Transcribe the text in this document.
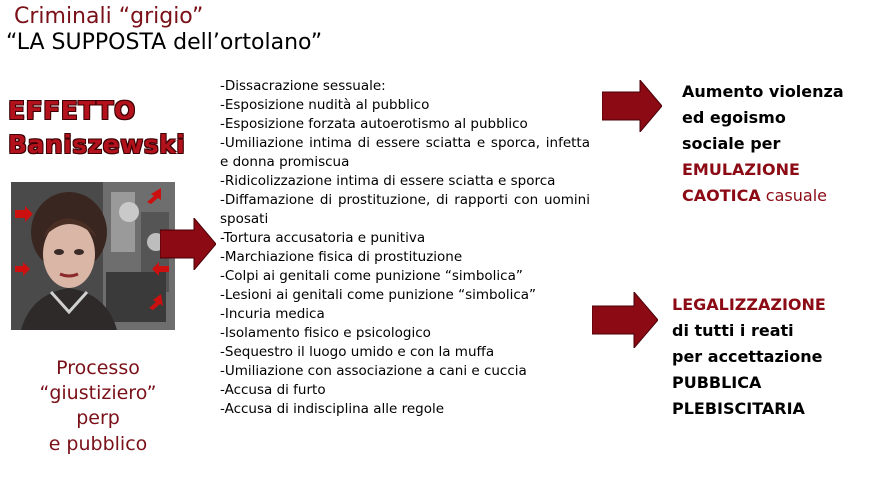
Criminali “grigio”
“LA SUPPOSTA dell’ortolano”
EFFETTO
Baniszewski
Processo
“giustiziero”
perp
e pubblico
-Dissacrazione sessuale:
-Esposizione nudità al pubblico
-Esposizione forzata autoerotismo al pubblico
-Umiliazione intima di essere sciatta e sporca, infetta e donna promiscua
-Ridicolizzazione intima di essere sciatta e sporca
-Diffamazione di prostituzione, di rapporti con uomini sposati
-Tortura accusatoria e punitiva
-Marchiazione fisica di prostituzione
-Colpi ai genitali come punizione “simbolica”
-Lesioni ai genitali come punizione “simbolica”
-Incuria medica
-Isolamento fisico e psicologico
-Sequestro il luogo umido e con la muffa
-Umiliazione con associazione a cani e cuccia
-Accusa di furto
-Accusa di indisciplina alle regole
Aumento violenza
ed egoismo
sociale per
EMULAZIONE
CAOTICA casuale
LEGALIZZAZIONE
di tutti i reati
per accettazione
PUBBLICA
PLEBISCITARIA
